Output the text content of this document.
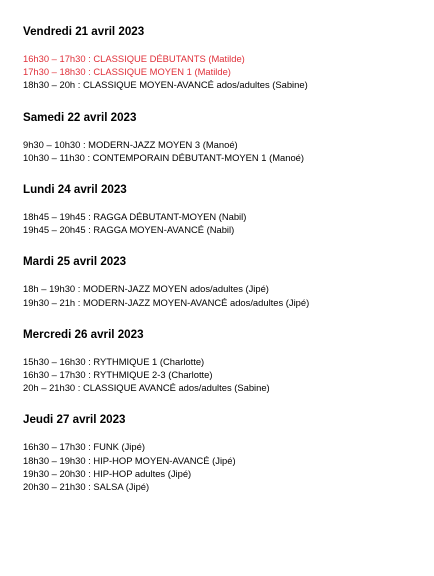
Vendredi 21 avril 2023
16h30 – 17h30 : CLASSIQUE DÉBUTANTS (Matilde)
17h30 – 18h30 : CLASSIQUE MOYEN 1 (Matilde)
18h30 – 20h : CLASSIQUE MOYEN-AVANCÉ ados/adultes (Sabine)
Samedi 22 avril 2023
9h30 – 10h30 : MODERN-JAZZ MOYEN 3 (Manoé)
10h30 – 11h30 : CONTEMPORAIN DÉBUTANT-MOYEN 1 (Manoé)
Lundi 24 avril 2023
18h45 – 19h45 : RAGGA DÉBUTANT-MOYEN (Nabil)
19h45 – 20h45 : RAGGA MOYEN-AVANCÉ (Nabil)
Mardi 25 avril 2023
18h – 19h30 : MODERN-JAZZ MOYEN ados/adultes (Jipé)
19h30 – 21h : MODERN-JAZZ MOYEN-AVANCÉ ados/adultes (Jipé)
Mercredi 26 avril 2023
15h30 – 16h30 : RYTHMIQUE 1 (Charlotte)
16h30 – 17h30 : RYTHMIQUE 2-3 (Charlotte)
20h – 21h30 : CLASSIQUE AVANCÉ ados/adultes (Sabine)
Jeudi 27 avril 2023
16h30 – 17h30 : FUNK (Jipé)
18h30 – 19h30 : HIP-HOP MOYEN-AVANCÉ (Jipé)
19h30 – 20h30 : HIP-HOP adultes (Jipé)
20h30 – 21h30 : SALSA (Jipé)
